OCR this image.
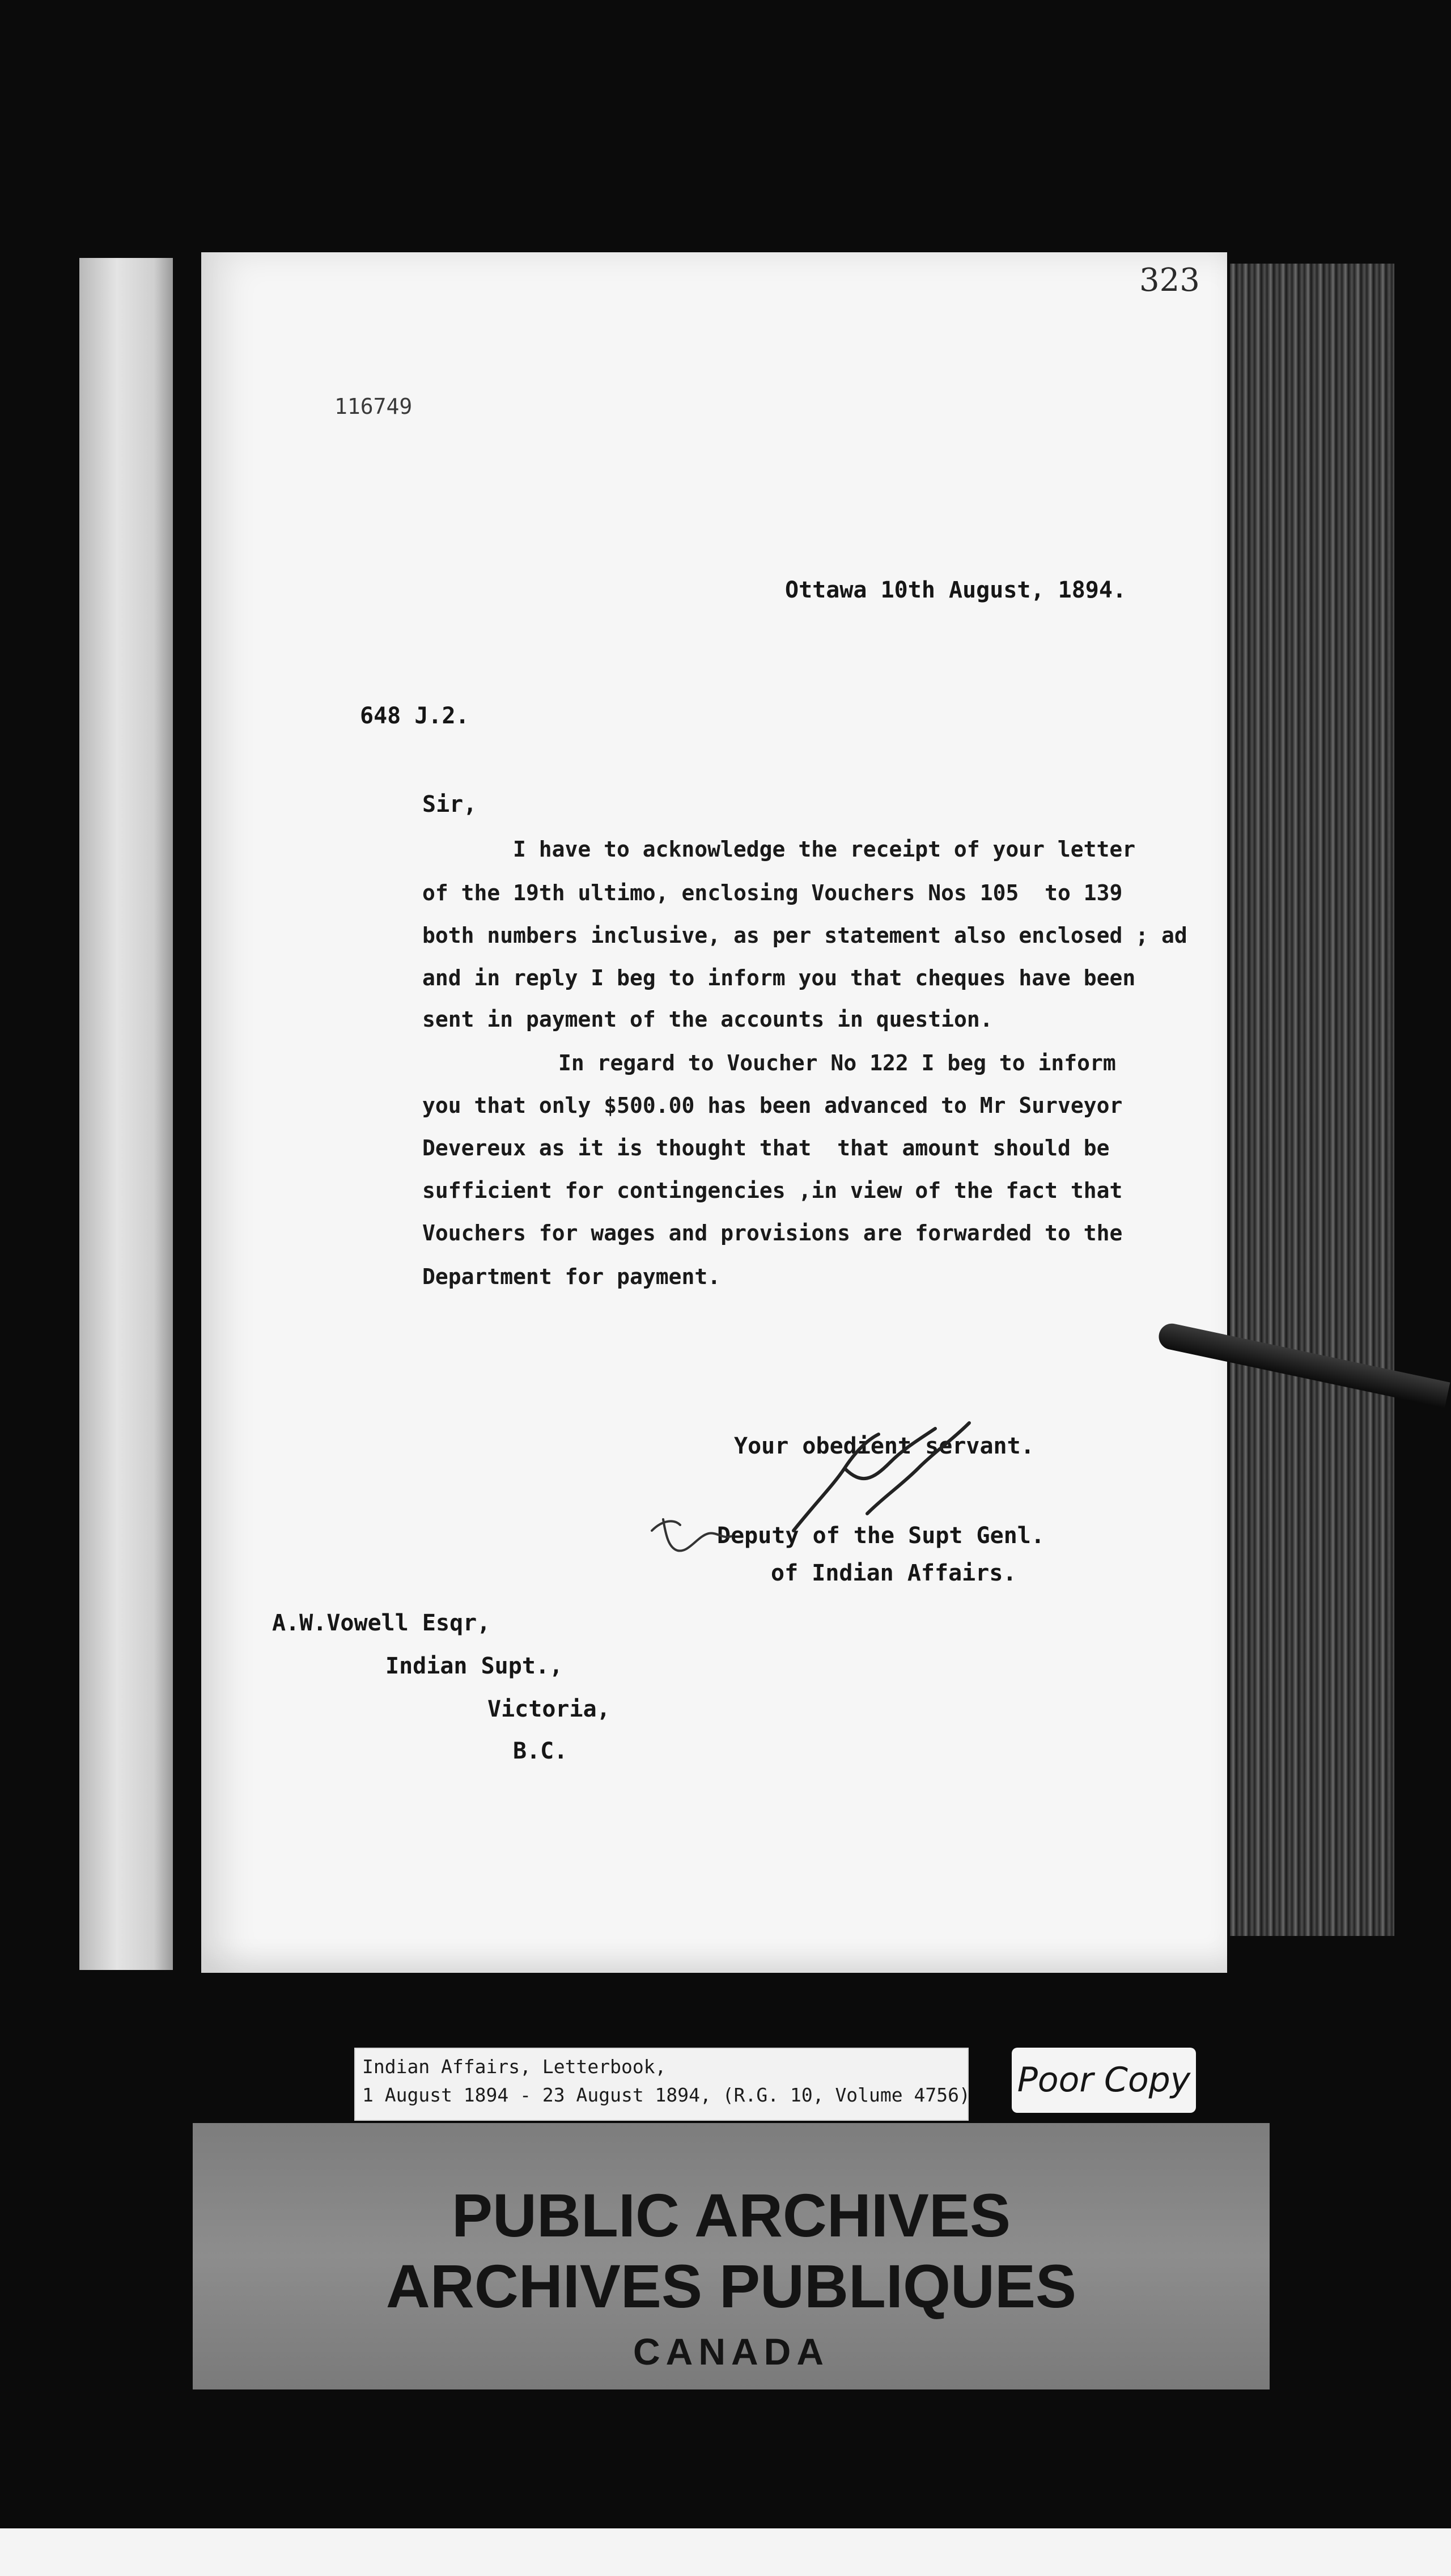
323
116749
Ottawa 10th August, 1894.
648 J.2.
Sir,
I have to acknowledge the receipt of your letter
of the 19th ultimo, enclosing Vouchers Nos 105  to 139
both numbers inclusive, as per statement also enclosed ; ad
and in reply I beg to inform you that cheques have been
sent in payment of the accounts in question.
In regard to Voucher No 122 I beg to inform
you that only $500.00 has been advanced to Mr Surveyor
Devereux as it is thought that  that amount should be
sufficient for contingencies ,in view of the fact that
Vouchers for wages and provisions are forwarded to the
Department for payment.
Your obedient servant.
Deputy of the Supt Genl.
of Indian Affairs.
A.W.Vowell Esqr,
Indian Supt.,
Victoria,
B.C.
Indian Affairs, Letterbook,
1 August 1894 - 23 August 1894, (R.G. 10, Volume 4756) Poor Copy
PUBLIC ARCHIVES
ARCHIVES PUBLIQUES
CANADA
